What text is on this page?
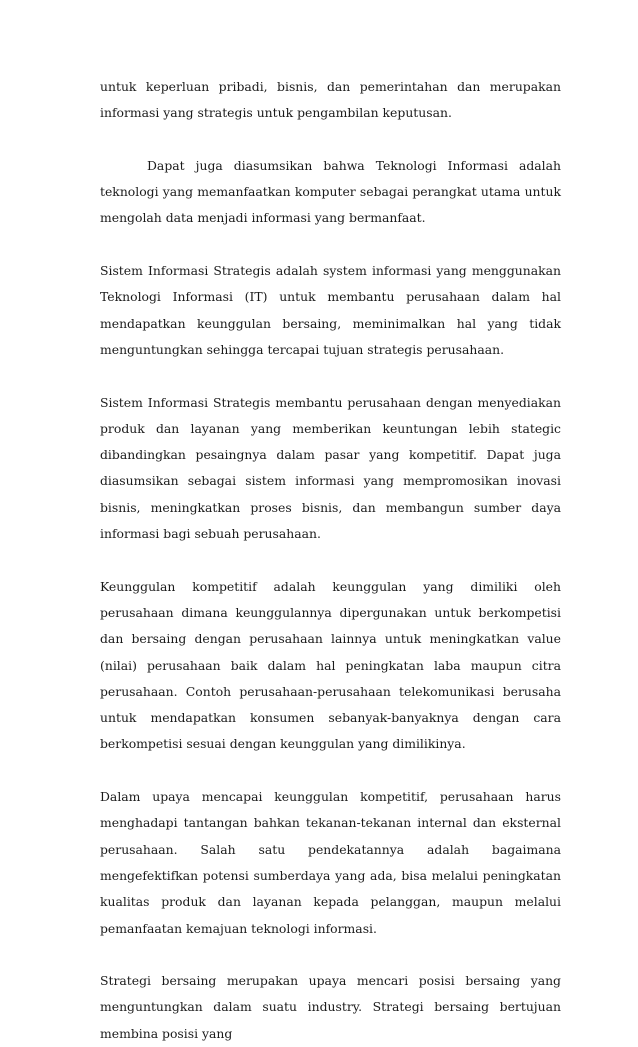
untuk keperluan pribadi, bisnis, dan pemerintahan dan merupakan informasi yang strategis untuk pengambilan keputusan.

Dapat juga diasumsikan bahwa Teknologi Informasi adalah teknologi yang memanfaatkan komputer sebagai perangkat utama untuk mengolah data menjadi informasi yang bermanfaat.

Sistem Informasi Strategis adalah system informasi yang menggunakan Teknologi Informasi (IT) untuk membantu perusahaan dalam hal mendapatkan keunggulan bersaing, meminimalkan hal yang tidak menguntungkan sehingga tercapai tujuan strategis perusahaan.

Sistem Informasi Strategis membantu perusahaan dengan menyediakan produk dan layanan yang memberikan keuntungan lebih stategic dibandingkan pesaingnya dalam pasar yang kompetitif. Dapat juga diasumsikan sebagai sistem informasi yang mempromosikan inovasi bisnis, meningkatkan proses bisnis, dan membangun sumber daya informasi bagi sebuah perusahaan.

Keunggulan kompetitif adalah keunggulan yang dimiliki oleh perusahaan dimana keunggulannya dipergunakan untuk berkompetisi dan bersaing dengan perusahaan lainnya untuk meningkatkan value (nilai) perusahaan baik dalam hal peningkatan laba maupun citra perusahaan. Contoh perusahaan-perusahaan telekomunikasi berusaha untuk mendapatkan konsumen sebanyak-banyaknya dengan cara berkompetisi sesuai dengan keunggulan yang dimilikinya.

Dalam upaya mencapai keunggulan kompetitif, perusahaan harus menghadapi tantangan bahkan tekanan-tekanan internal dan eksternal perusahaan. Salah satu pendekatannya adalah bagaimana mengefektifkan potensi sumberdaya yang ada, bisa melalui peningkatan kualitas produk dan layanan kepada pelanggan, maupun melalui pemanfaatan kemajuan teknologi informasi.

Strategi bersaing merupakan upaya mencari posisi bersaing yang menguntungkan dalam suatu industry. Strategi bersaing bertujuan membina posisi yang
